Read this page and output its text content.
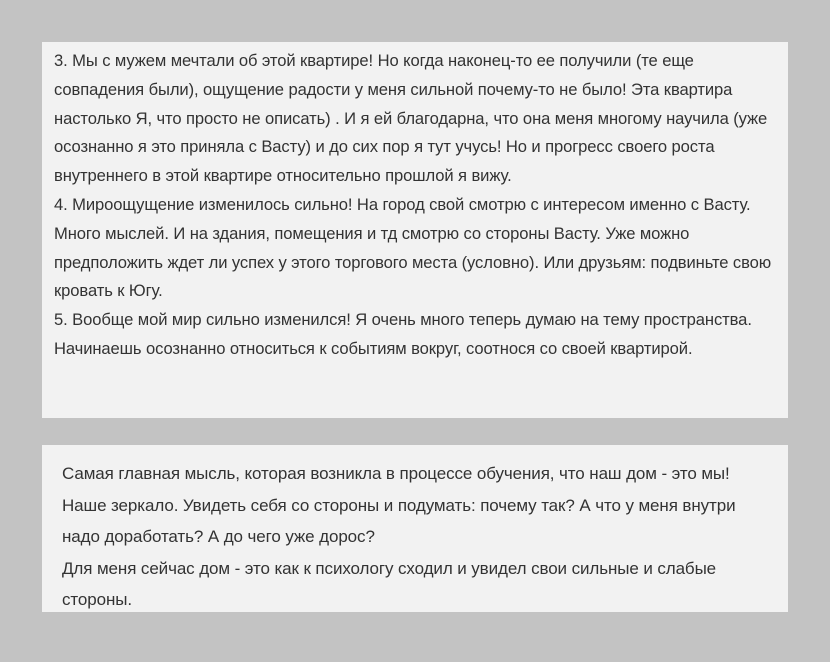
3. Мы с мужем мечтали об этой квартире! Но когда наконец-то ее получили (те еще совпадения были), ощущение радости у меня сильной почему-то не было! Эта квартира настолько Я, что просто не описать) . И я ей благодарна, что она меня многому научила (уже осознанно я это приняла с Васту) и до сих пор я тут учусь! Но и прогресс своего роста внутреннего в этой квартире относительно прошлой я вижу.

4. Мироощущение изменилось сильно! На город свой смотрю с интересом именно с Васту. Много мыслей. И на здания, помещения и тд смотрю со стороны Васту. Уже можно предположить ждет ли успех у этого торгового места (условно). Или друзьям: подвиньте свою кровать к Югу.

5. Вообще мой мир сильно изменился! Я очень много теперь думаю на тему пространства. Начинаешь осознанно относиться к событиям вокруг, соотнося со своей квартирой.

Самая главная мысль, которая возникла в процессе обучения, что наш дом - это мы! Наше зеркало. Увидеть себя со стороны и подумать: почему так? А что у меня внутри надо доработать? А до чего уже дорос?

Для меня сейчас дом - это как к психологу сходил и увидел свои сильные и слабые стороны.
